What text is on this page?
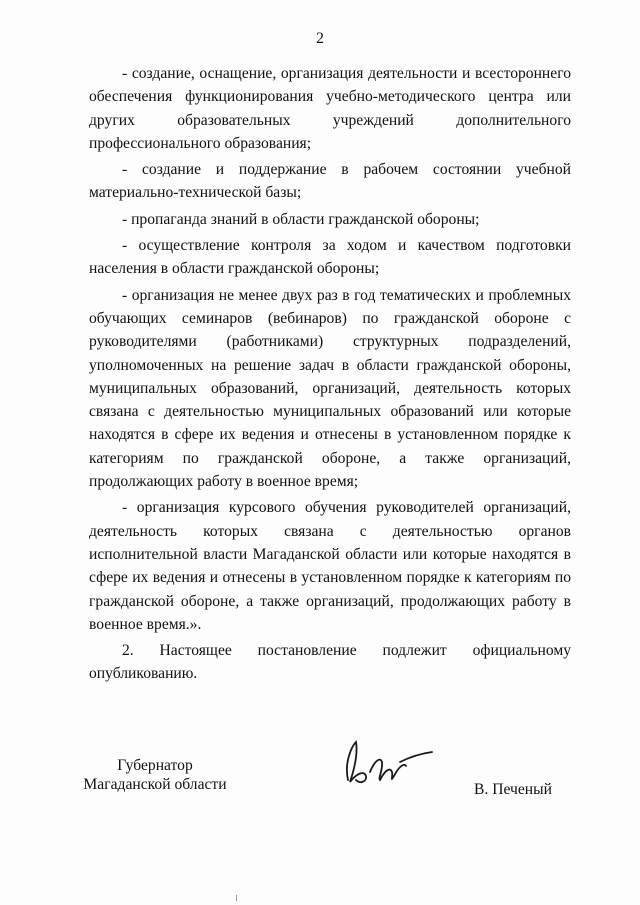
2

- создание, оснащение, организация деятельности и всестороннего обеспечения функционирования учебно-методического центра или других образовательных учреждений дополнительного профессионального образования;

- создание и поддержание в рабочем состоянии учебной материально-технической базы;

- пропаганда знаний в области гражданской обороны;

- осуществление контроля за ходом и качеством подготовки населения в области гражданской обороны;

- организация не менее двух раз в год тематических и проблемных обучающих семинаров (вебинаров) по гражданской обороне с руководителями (работниками) структурных подразделений, уполномоченных на решение задач в области гражданской обороны, муниципальных образований, организаций, деятельность которых связана с деятельностью муниципальных образований или которые находятся в сфере их ведения и отнесены в установленном порядке к категориям по гражданской обороне, а также организаций, продолжающих работу в военное время;

- организация курсового обучения руководителей организаций, деятельность которых связана с деятельностью органов исполнительной власти Магаданской области или которые находятся в сфере их ведения и отнесены в установленном порядке к категориям по гражданской обороне, а также организаций, продолжающих работу в военное время.».

2. Настоящее постановление подлежит официальному опубликованию.

Губернатор
Магаданской области	В. Печеный
